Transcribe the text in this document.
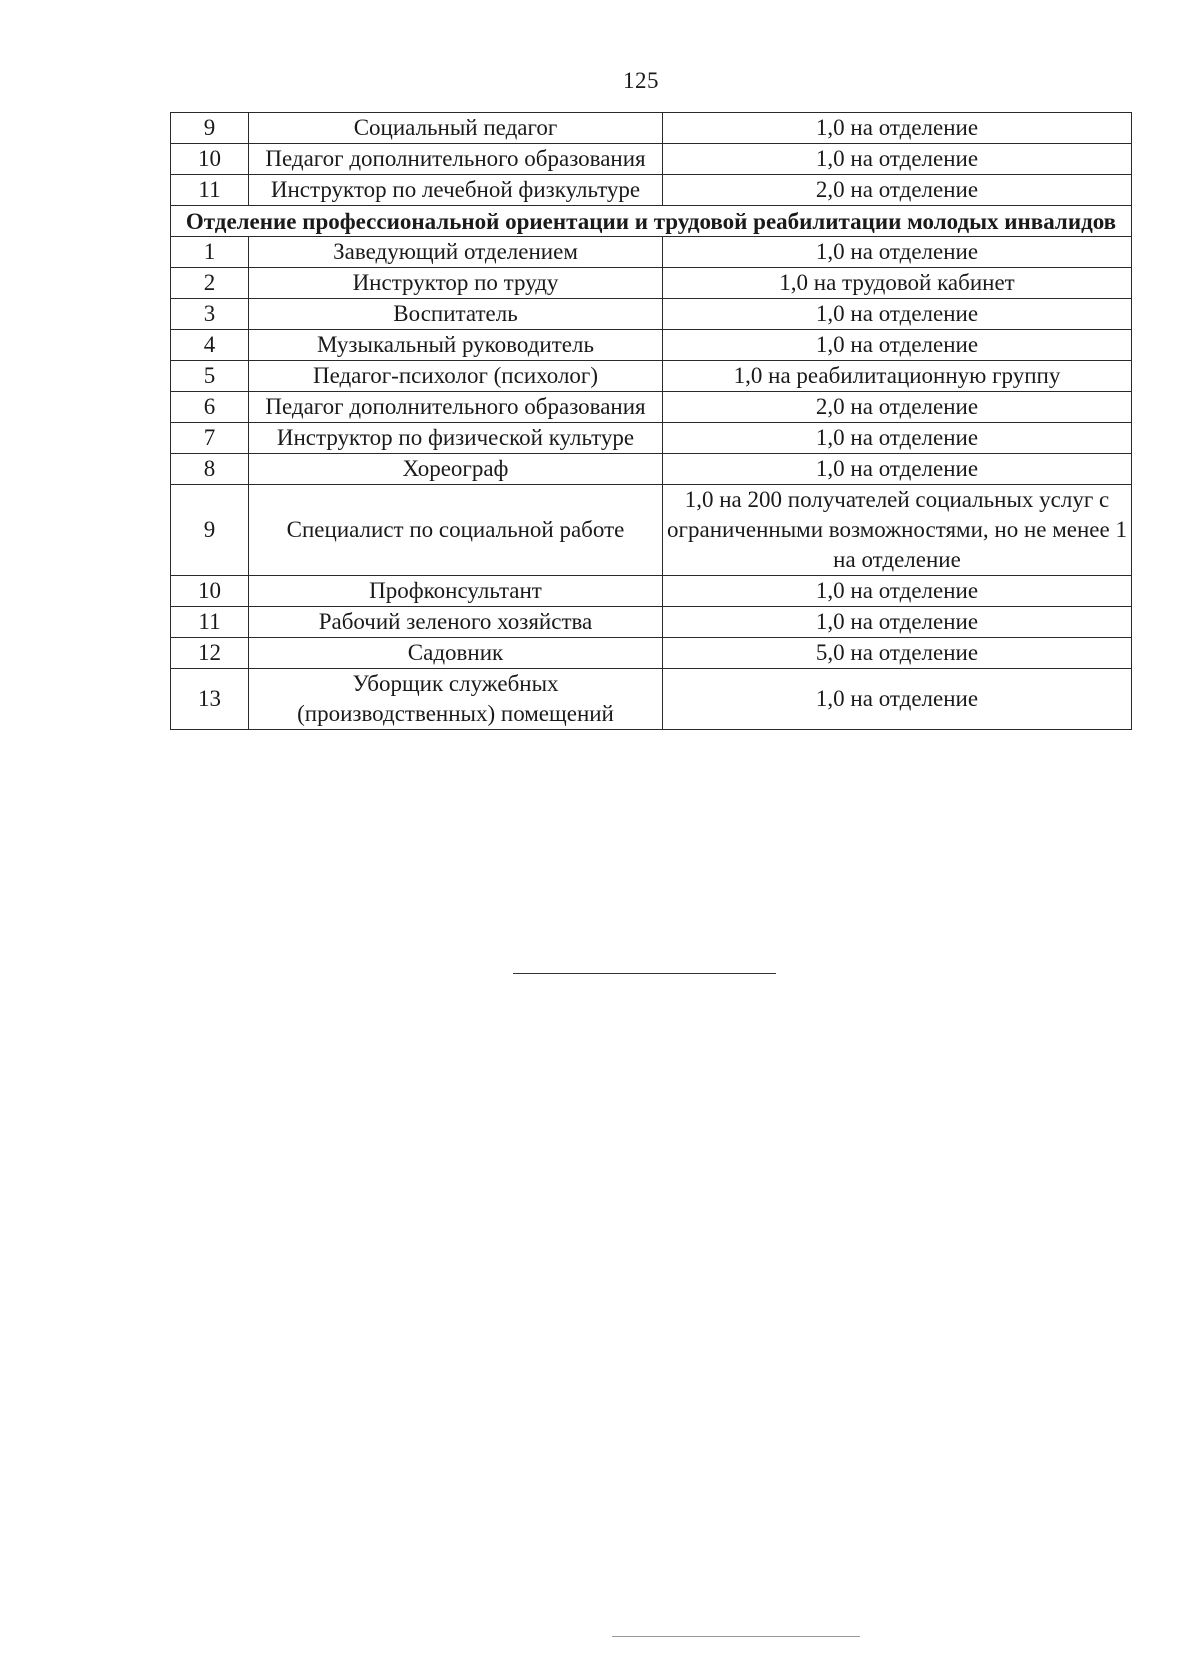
125
9	Социальный педагог	1,0 на отделение
10	Педагог дополнительного образования	1,0 на отделение
11	Инструктор по лечебной физкультуре	2,0 на отделение
Отделение профессиональной ориентации и трудовой реабилитации молодых инвалидов		
1	Заведующий отделением	1,0 на отделение
2	Инструктор по труду	1,0 на трудовой кабинет
3	Воспитатель	1,0 на отделение
4	Музыкальный руководитель	1,0 на отделение
5	Педагог-психолог (психолог)	1,0 на реабилитационную группу
6	Педагог дополнительного образования	2,0 на отделение
7	Инструктор по физической культуре	1,0 на отделение
8	Хореограф	1,0 на отделение
9	Специалист по социальной работе	1,0 на 200 получателей социальных услуг с ограниченными возможностями, но не менее 1 на отделение
10	Профконсультант	1,0 на отделение
11	Рабочий зеленого хозяйства	1,0 на отделение
12	Садовник	5,0 на отделение
13	Уборщик служебных (производственных) помещений	1,0 на отделение
